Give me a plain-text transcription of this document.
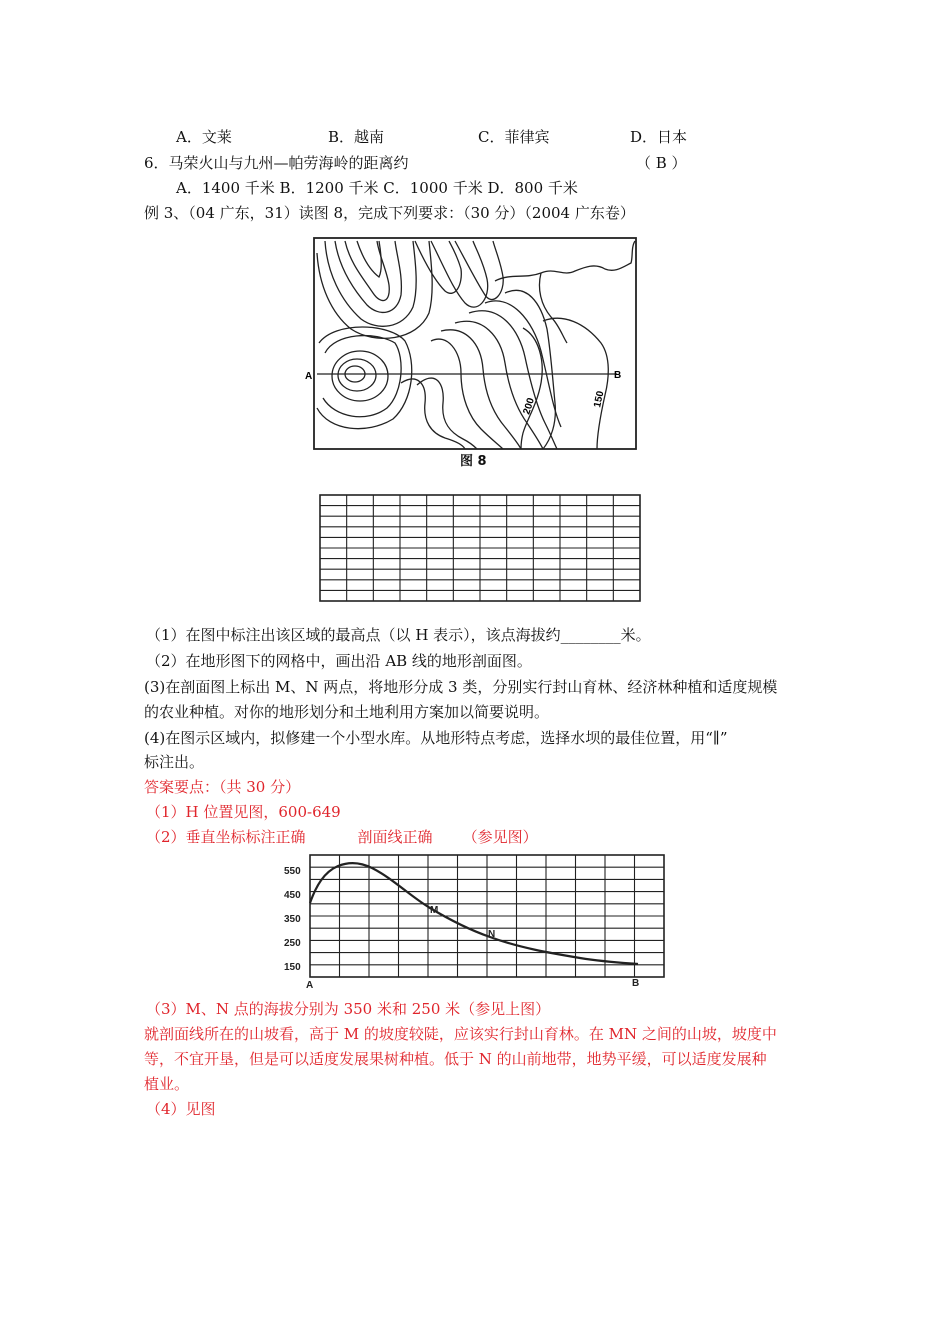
A．文莱	B．越南	C．菲律宾	D．日本
6．马荣火山与九州—帕劳海岭的距离约	（ B ）
A．1400 千米 B．1200 千米 C．1000 千米 D．800 千米
例 3、（04 广东，31）读图 8，完成下列要求：（30 分）（2004 广东卷）
A	B
200	150
图 8
（1）在图中标注出该区域的最高点（以 H 表示），该点海拔约________米。
（2）在地形图下的网格中，画出沿 AB 线的地形剖面图。
(3)在剖面图上标出 M、N 两点，将地形分成 3 类，分别实行封山育林、经济林种植和适度规模
的农业种植。对你的地形划分和土地利用方案加以简要说明。
(4)在图示区域内，拟修建一个小型水库。从地形特点考虑，选择水坝的最佳位置，用“∥”
标注出。
答案要点：（共 30 分）
（1）H 位置见图，600-649
（2）垂直坐标标注正确	剖面线正确 （参见图）
550
450
350
250
150
A	B
M
N
（3）M、N 点的海拔分别为 350 米和 250 米（参见上图）
就剖面线所在的山坡看，高于 M 的坡度较陡，应该实行封山育林。在 MN 之间的山坡，坡度中
等，不宜开垦，但是可以适度发展果树种植。低于 N 的山前地带，地势平缓，可以适度发展种
植业。
（4）见图
